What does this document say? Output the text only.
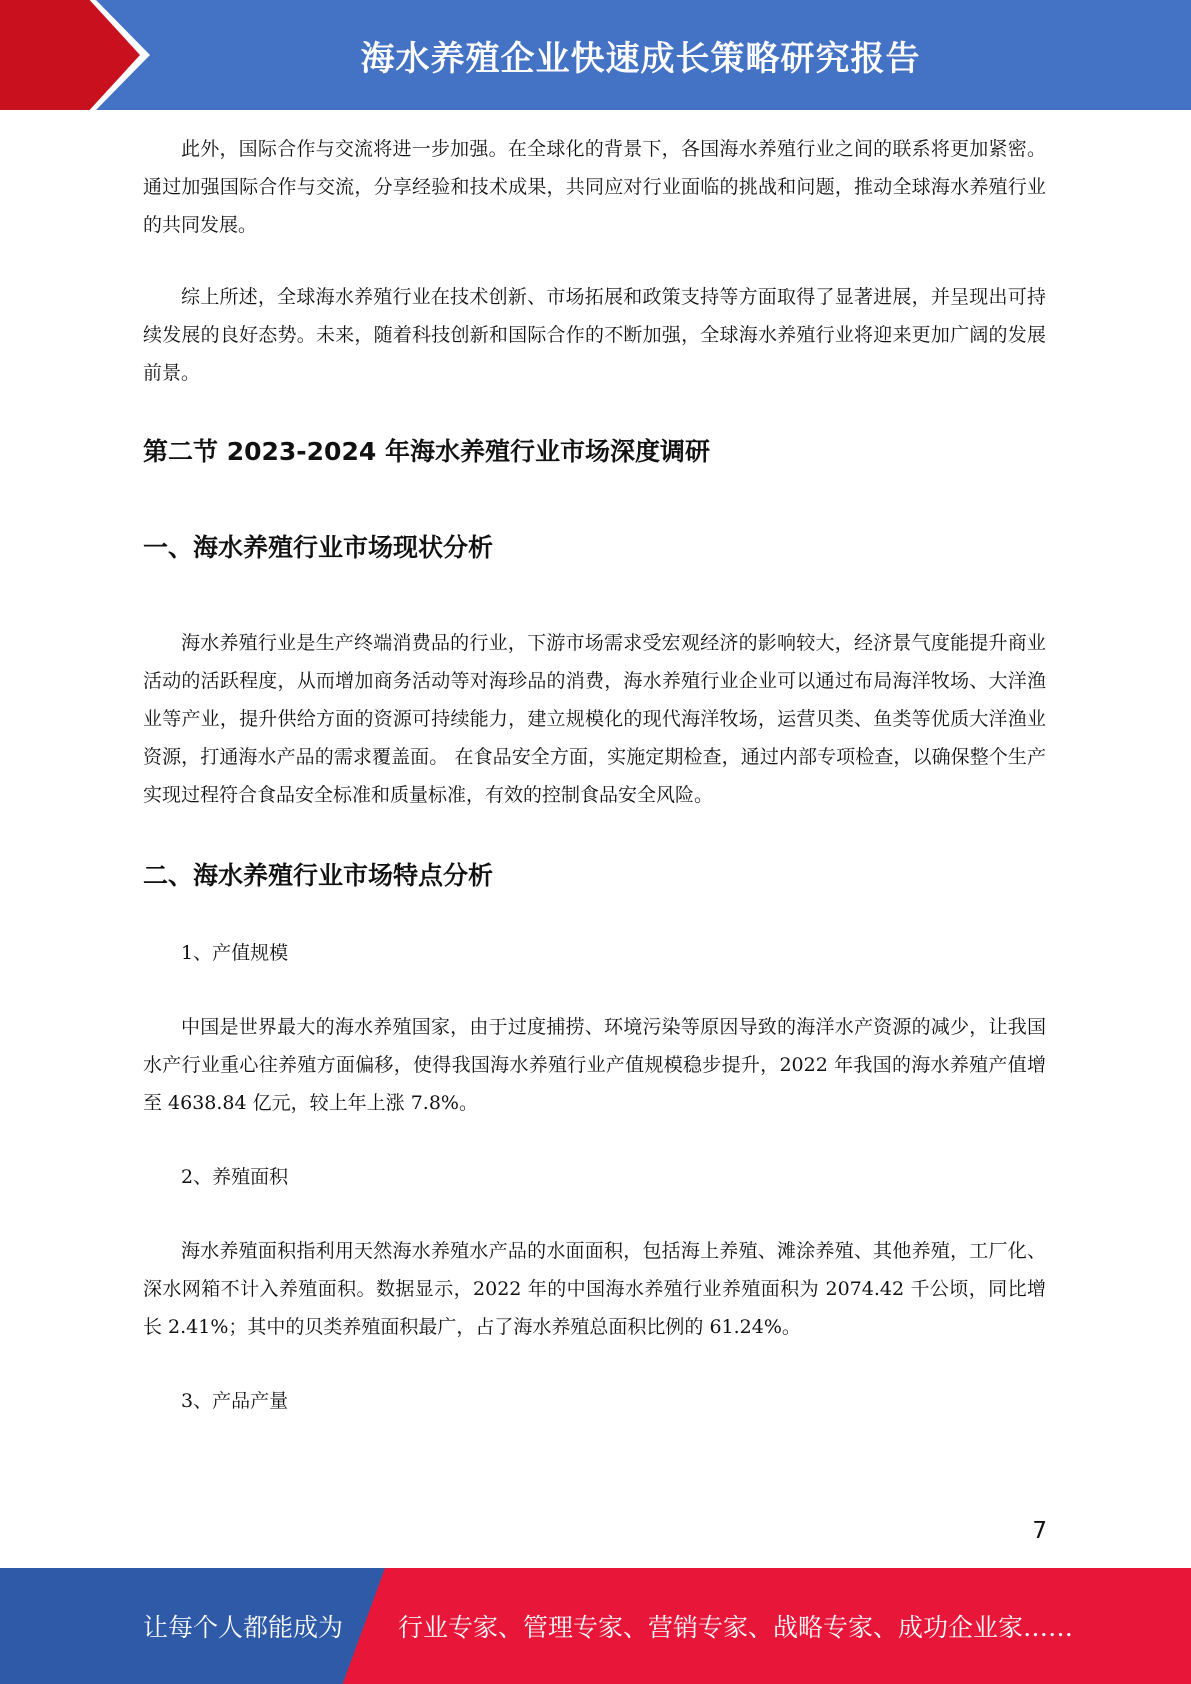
海水养殖企业快速成长策略研究报告

此外，国际合作与交流将进一步加强。在全球化的背景下，各国海水养殖行业之间的联系将更加紧密。通过加强国际合作与交流，分享经验和技术成果，共同应对行业面临的挑战和问题，推动全球海水养殖行业的共同发展。

综上所述，全球海水养殖行业在技术创新、市场拓展和政策支持等方面取得了显著进展，并呈现出可持续发展的良好态势。未来，随着科技创新和国际合作的不断加强，全球海水养殖行业将迎来更加广阔的发展前景。

第二节 2023-2024 年海水养殖行业市场深度调研
一、海水养殖行业市场现状分析

海水养殖行业是生产终端消费品的行业，下游市场需求受宏观经济的影响较大，经济景气度能提升商业活动的活跃程度，从而增加商务活动等对海珍品的消费，海水养殖行业企业可以通过布局海洋牧场、大洋渔业等产业，提升供给方面的资源可持续能力，建立规模化的现代海洋牧场，运营贝类、鱼类等优质大洋渔业资源，打通海水产品的需求覆盖面。 在食品安全方面，实施定期检查，通过内部专项检查，以确保整个生产实现过程符合食品安全标准和质量标准，有效的控制食品安全风险。

二、海水养殖行业市场特点分析

1、产值规模

中国是世界最大的海水养殖国家，由于过度捕捞、环境污染等原因导致的海洋水产资源的减少，让我国水产行业重心往养殖方面偏移，使得我国海水养殖行业产值规模稳步提升，2022 年我国的海水养殖产值增至 4638.84 亿元，较上年上涨 7.8%。

2、养殖面积

海水养殖面积指利用天然海水养殖水产品的水面面积，包括海上养殖、滩涂养殖、其他养殖，工厂化、深水网箱不计入养殖面积。数据显示，2022 年的中国海水养殖行业养殖面积为 2074.42 千公顷，同比增长 2.41%；其中的贝类养殖面积最广，占了海水养殖总面积比例的 61.24%。

3、产品产量

7
让每个人都能成为 行业专家、管理专家、营销专家、战略专家、成功企业家……
